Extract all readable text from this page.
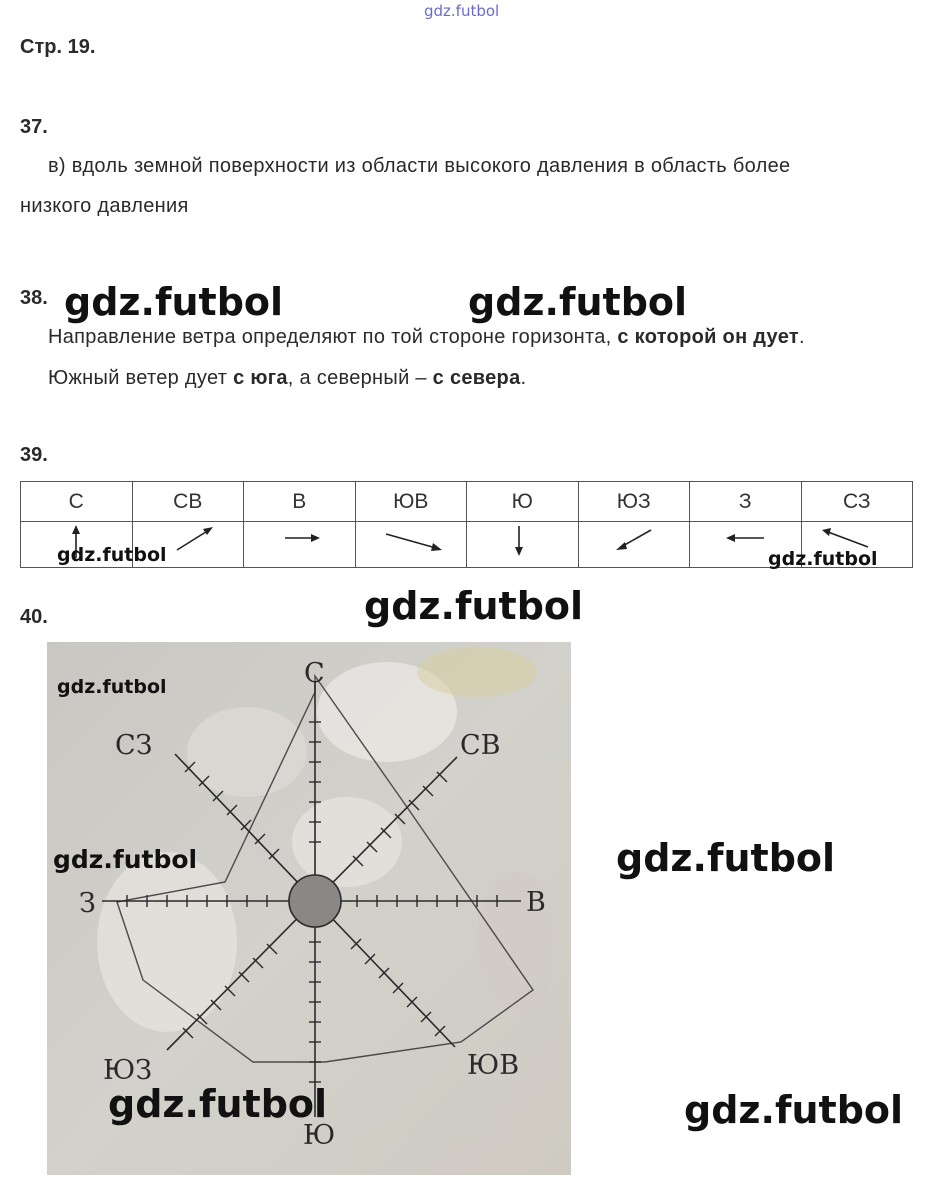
gdz.futbol
Стр. 19.
37.
в) вдоль земной поверхности из области высокого давления в область более
низкого давления
38.
Направление ветра определяют по той стороне горизонта, с которой он дует.
Южный ветер дует с юга, а северный – с севера.
39.
С	СВ	В	ЮВ	Ю	ЮЗ	З	СЗ

40.
С
СВ
В
ЮВ
Ю
ЮЗ
З
СЗ
gdz.futbol	gdz.futbol
gdz.futbol	gdz.futbol
gdz.futbol
gdz.futbol
gdz.futbol	gdz.futbol
gdz.futbol	gdz.futbol
